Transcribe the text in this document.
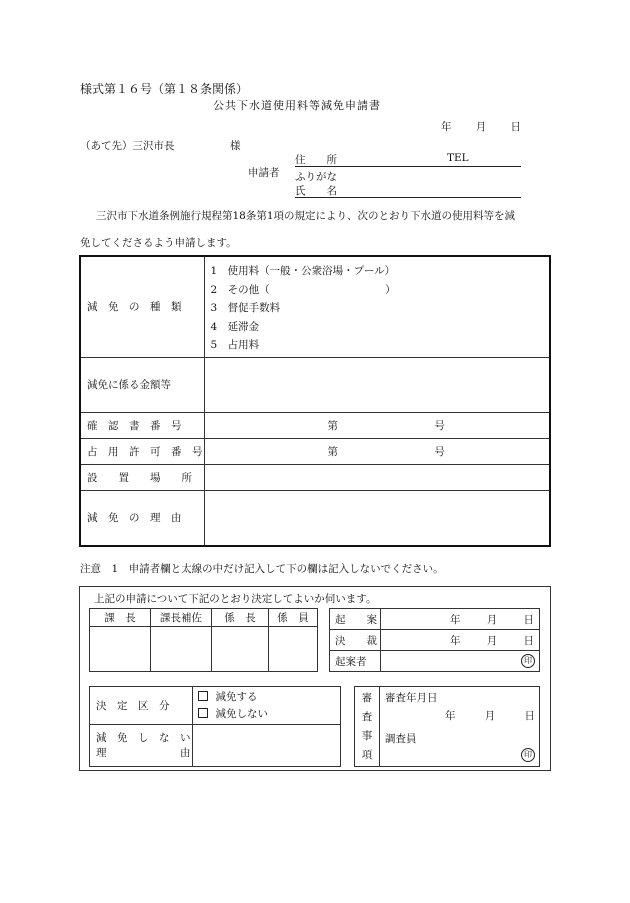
様式第１６号（第１８条関係）
公共下水道使用料等減免申請書
年 月 日
（あて先）三沢市長	様
申請者
住　　所	TEL
ふりがな
氏　　名
三沢市下水道条例施行規程第18条第1項の規定により、次のとおり下水道の使用料等を減
免してくださるよう申請します。
減　免　の　種　類	1　使用料（一般・公衆浴場・プール）
2　その他（　　　　　　　　　　　）
3　督促手数料
4　延滞金
5　占用料

減免に係る金額等	
確　認　書　番　号	第 号
占　用　許　可　番　号	第 号
設　　置　　場　　所	
減　免　の　理　由	
注意　1　申請者欄と太線の中だけ記入して下の欄は記入しないでください。
上記の申請について下記のとおり決定してよいか伺います。
課　長	課長補佐	係　長	係　員
				起　　案	年 月 日

決　　裁	年 月 日

起案者	印
決　定　区　分	減免する
減免しない

減　免　し　な　い
理　　　　　　　由	

審
査
事
項

審査年月日
年	月	日
調査員
印
